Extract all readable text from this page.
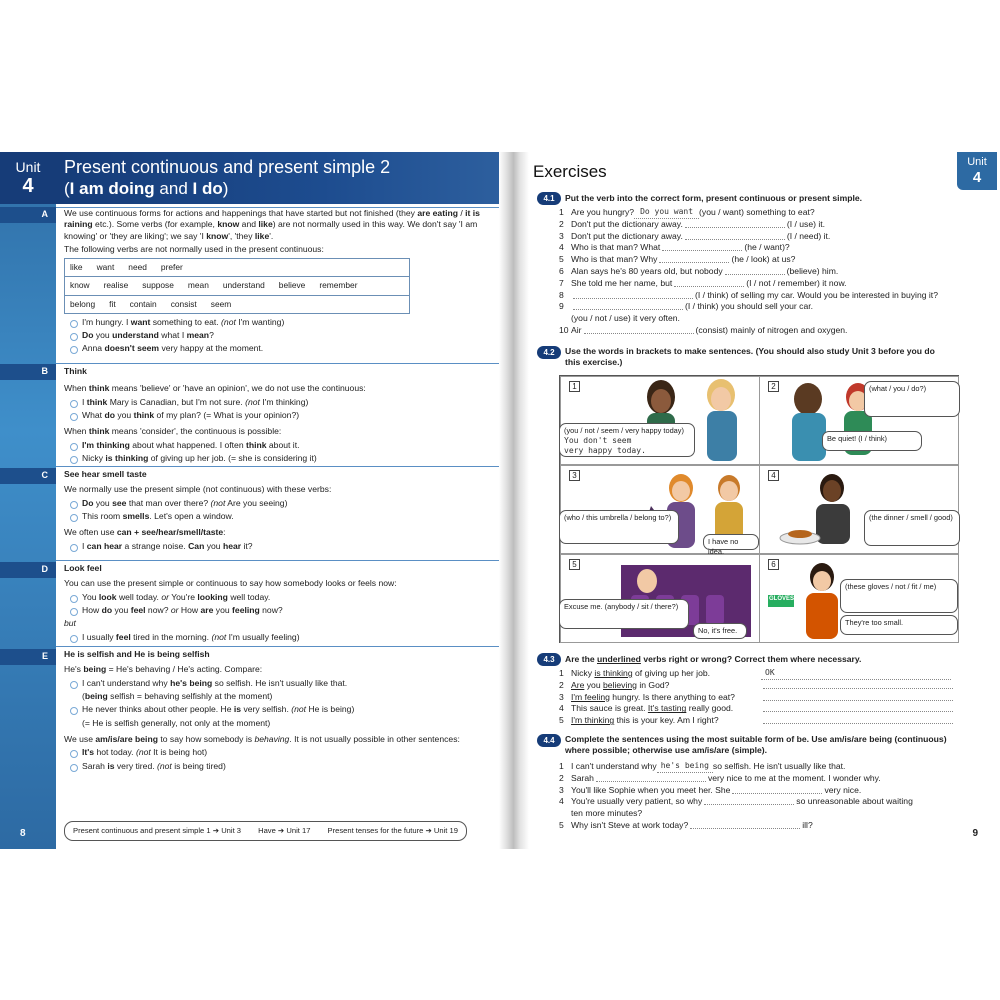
Unit
4
Present continuous and present simple 2
(I am doing and I do)
A	We use continuous forms for actions and happenings that have started but not finished (they are eating / it is raining etc.). Some verbs (for example, know and like) are not normally used in this way. We don't say 'I am knowing' or 'they are liking'; we say 'I know', 'they like'.

The following verbs are not normally used in the present continuous:

like want need prefer

know realise suppose mean understand believe remember

belong fit contain consist seem

I'm hungry. I want something to eat. (not I'm wanting)

Do you understand what I mean?

Anna doesn't seem very happy at the moment.

B	Think

When think means 'believe' or 'have an opinion', we do not use the continuous:

I think Mary is Canadian, but I'm not sure. (not I'm thinking)

What do you think of my plan? (= What is your opinion?)

When think means 'consider', the continuous is possible:

I'm thinking about what happened. I often think about it.

Nicky is thinking of giving up her job. (= she is considering it)

C	See hear smell taste

We normally use the present simple (not continuous) with these verbs:

Do you see that man over there? (not Are you seeing)

This room smells. Let's open a window.

We often use can + see/hear/smell/taste:

I can hear a strange noise. Can you hear it?

D	Look feel

You can use the present simple or continuous to say how somebody looks or feels now:

You look well today. or You're looking well today.

How do you feel now? or How are you feeling now?

but

I usually feel tired in the morning. (not I'm usually feeling)

E	He is selfish and He is being selfish

He's being = He's behaving / He's acting. Compare:

I can't understand why he's being so selfish. He isn't usually like that.

(being selfish = behaving selfishly at the moment)

He never thinks about other people. He is very selfish. (not He is being)

(= He is selfish generally, not only at the moment)

We use am/is/are being to say how somebody is behaving. It is not usually possible in other sentences:

It's hot today. (not It is being hot)

Sarah is very tired. (not is being tired)

Present continuous and present simple 1 ➔ Unit 3 Have ➔ Unit 17 Present tenses for the future ➔ Unit 19
8
Exercises	Unit
4
4.1 Put the verb into the correct form, present continuous or present simple.
1 Are you hungry? Do you want (you / want) something to eat?
2 Don't put the dictionary away.	(I / use) it.
3 Don't put the dictionary away.	(I / need) it.
4 Who is that man? What	(he / want)?
5 Who is that man? Why	(he / look) at us?
6 Alan says he's 80 years old, but nobody	(believe) him.
7 She told me her name, but	(I / not / remember) it now.
8	(I / think) of selling my car. Would you be interested in buying it?
9	(I / think) you should sell your car.
(you / not / use) it very often.
10 Air	(consist) mainly of nitrogen and oxygen.
4.2 Use the words in brackets to make sentences. (You should also study Unit 3 before you do this exercise.)
1
(you / not / seem / very happy today)
You don't seem very happy today.
2	(what / you / do?)
Be quiet! (I / think)
3
(who / this umbrella / belong to?)
I have no idea.
4
(the dinner / smell / good)
5
Excuse me. (anybody / sit / there?)
No, it's free.
6
GLOVES
(these gloves / not / fit / me)
They're too small.
4.3 Are the underlined verbs right or wrong? Correct them where necessary.
1 Nicky is thinking of giving up her job.	OK
2 Are you believing in God?
3 I'm feeling hungry. Is there anything to eat?
4 This sauce is great. It's tasting really good.
5 I'm thinking this is your key. Am I right?
4.4 Complete the sentences using the most suitable form of be. Use am/is/are being (continuous) where possible; otherwise use am/is/are (simple).
1 I can't understand why he's being so selfish. He isn't usually like that.
2 Sarah	very nice to me at the moment. I wonder why.
3 You'll like Sophie when you meet her. She	very nice.
4 You're usually very patient, so why	so unreasonable about waiting
ten more minutes?
5 Why isn't Steve at work today?	ill?
9
